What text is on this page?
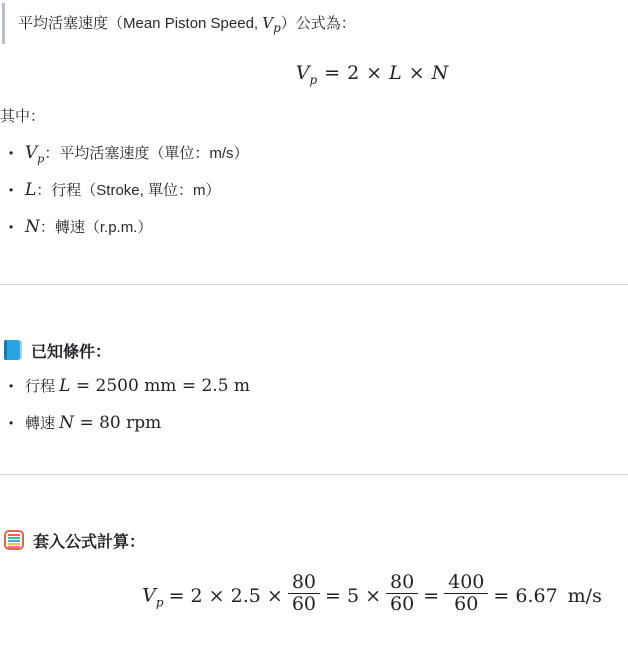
平均活塞速度（Mean Piston Speed, $V_p$）公式為：
$V_p = 2 \times L \times N$
其中：
• $V_p$：平均活塞速度（單位：m/s）
• L：行程（Stroke, 單位：m）
• N：轉速（r.p.m.）
已知條件：
• 行程 L = 2500 mm = 2.5 m
• 轉速 N = 80 rpm
套入公式計算：
$V_p = 2 \times 2.5 \times \frac{80}{60} = 5 \times \frac{80}{60} = \frac{400}{60} = 6.67$ m/s
